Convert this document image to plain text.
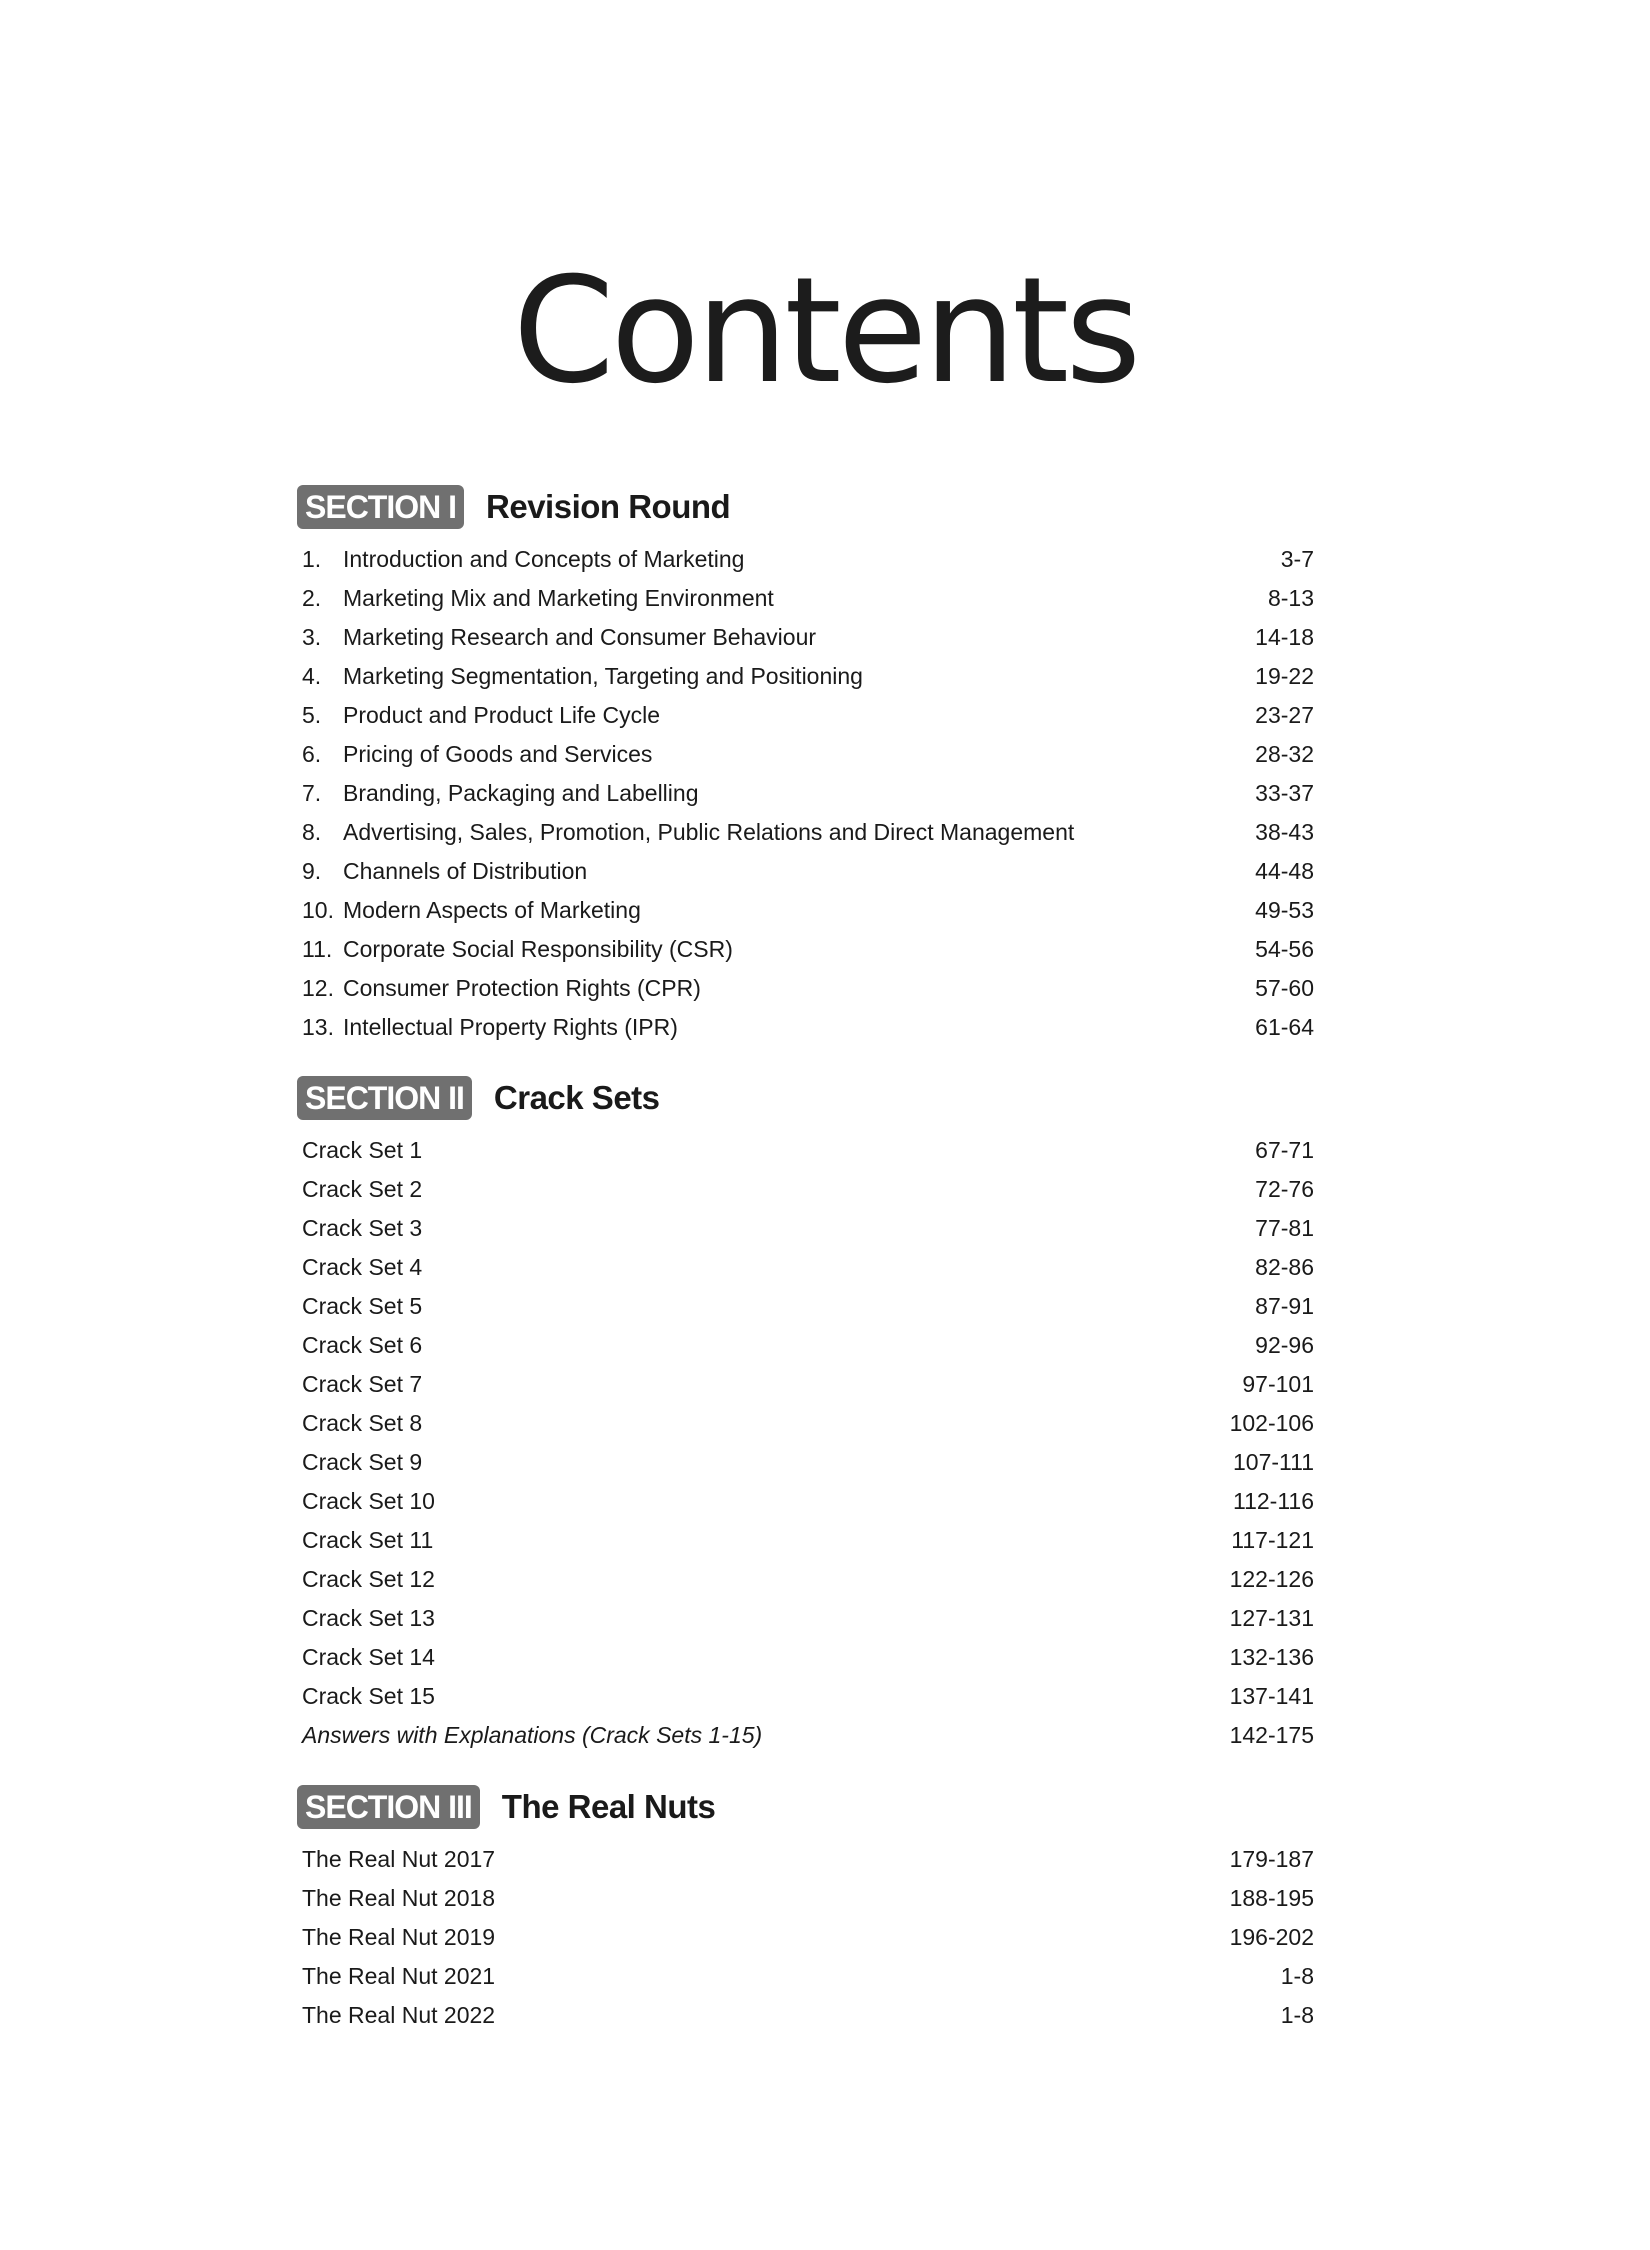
Contents
SECTION I Revision Round
1. Introduction and Concepts of Marketing	3-7
2. Marketing Mix and Marketing Environment	8-13
3. Marketing Research and Consumer Behaviour	14-18
4. Marketing Segmentation, Targeting and Positioning	19-22
5. Product and Product Life Cycle	23-27
6. Pricing of Goods and Services	28-32
7. Branding, Packaging and Labelling	33-37
8. Advertising, Sales, Promotion, Public Relations and Direct Management	38-43
9. Channels of Distribution	44-48
10. Modern Aspects of Marketing	49-53
11. Corporate Social Responsibility (CSR)	54-56
12. Consumer Protection Rights (CPR)	57-60
13. Intellectual Property Rights (IPR)	61-64
SECTION II Crack Sets
Crack Set 1	67-71
Crack Set 2	72-76
Crack Set 3	77-81
Crack Set 4	82-86
Crack Set 5	87-91
Crack Set 6	92-96
Crack Set 7	97-101
Crack Set 8	102-106
Crack Set 9	107-111
Crack Set 10	112-116
Crack Set 11	117-121
Crack Set 12	122-126
Crack Set 13	127-131
Crack Set 14	132-136
Crack Set 15	137-141
Answers with Explanations (Crack Sets 1-15)	142-175
SECTION III The Real Nuts
The Real Nut 2017	179-187
The Real Nut 2018	188-195
The Real Nut 2019	196-202
The Real Nut 2021	1-8
The Real Nut 2022	1-8
